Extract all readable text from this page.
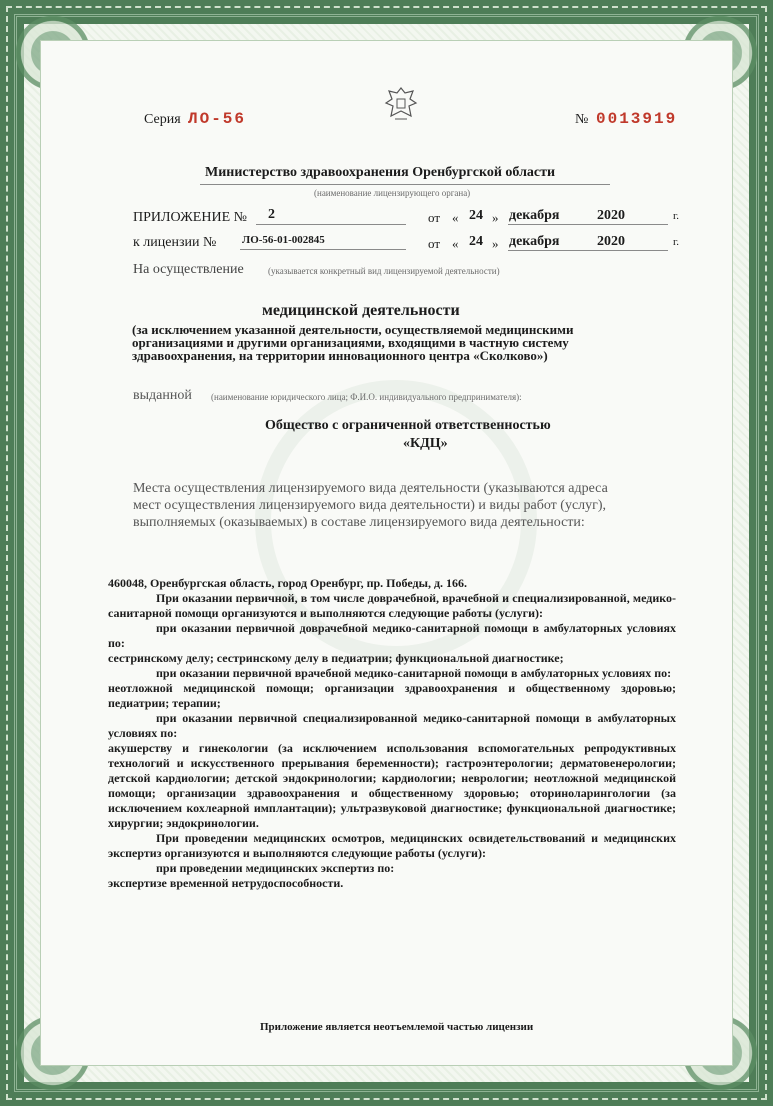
Серия ЛО-56	№ 0013919
Министерство здравоохранения Оренбургской области
(наименование лицензирующего органа)
ПРИЛОЖЕНИЕ № 2	от « 24 » декабря	2020	г.
к лицензии № ЛО-56-01-002845	от « 24 » декабря	2020	г.
На осуществление	(указывается конкретный вид лицензируемой деятельности)
медицинской деятельности
(за исключением указанной деятельности, осуществляемой медицинскими
организациями и другими организациями, входящими в частную систему
здравоохранения, на территории инновационного центра «Сколково»)
выданной (наименование юридического лица; Ф.И.О. индивидуального предпринимателя):
Общество с ограниченной ответственностью
«КДЦ»
Места осуществления лицензируемого вида деятельности (указываются адреса
мест осуществления лицензируемого вида деятельности) и виды работ (услуг),
выполняемых (оказываемых) в составе лицензируемого вида деятельности:
460048, Оренбургская область, город Оренбург, пр. Победы, д. 166.

При оказании первичной, в том числе доврачебной, врачебной и специализированной, медико-санитарной помощи организуются и выполняются следующие работы (услуги):

при оказании первичной доврачебной медико-санитарной помощи в амбулаторных условиях по:

сестринскому делу; сестринскому делу в педиатрии; функциональной диагностике;

при оказании первичной врачебной медико-санитарной помощи в амбулаторных условиях по:

неотложной медицинской помощи; организации здравоохранения и общественному здоровью; педиатрии; терапии;

при оказании первичной специализированной медико-санитарной помощи в амбулаторных условиях по:

акушерству и гинекологии (за исключением использования вспомогательных репродуктивных технологий и искусственного прерывания беременности); гастроэнтерологии; дерматовенерологии; детской кардиологии; детской эндокринологии; кардиологии; неврологии; неотложной медицинской помощи; организации здравоохранения и общественному здоровью; оториноларингологии (за исключением кохлеарной имплантации); ультразвуковой диагностике; функциональной диагностике; хирургии; эндокринологии.

При проведении медицинских осмотров, медицинских освидетельствований и медицинских экспертиз организуются и выполняются следующие работы (услуги):

при проведении медицинских экспертиз по:

экспертизе временной нетрудоспособности.

Приложение является неотъемлемой частью лицензии
